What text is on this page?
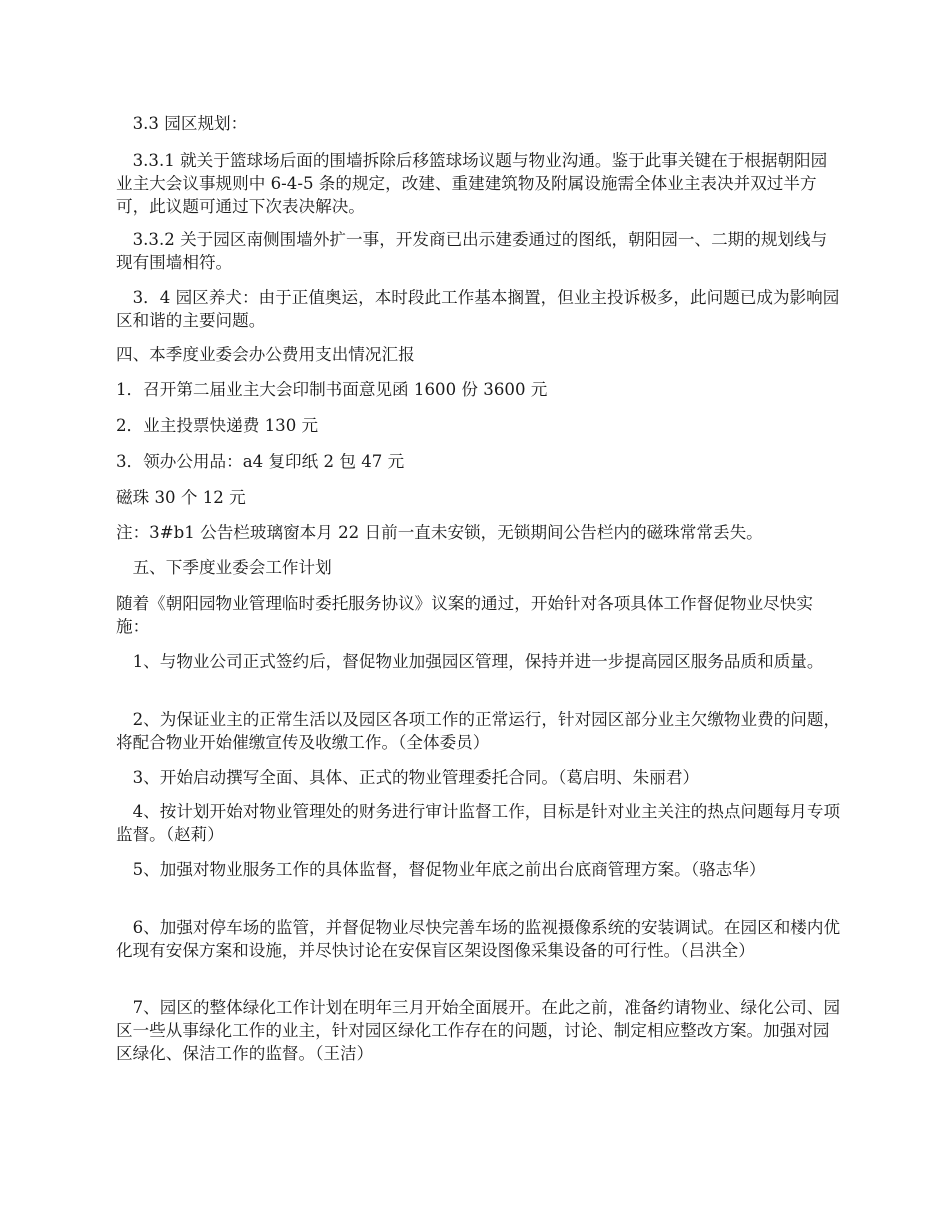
　3.3 园区规划：

　3.3.1 就关于篮球场后面的围墙拆除后移篮球场议题与物业沟通。鉴于此事关键在于根据朝阳园业主大会议事规则中 6-4-5 条的规定，改建、重建建筑物及附属设施需全体业主表决并双过半方可，此议题可通过下次表决解决。

　3.3.2 关于园区南侧围墙外扩一事，开发商已出示建委通过的图纸，朝阳园一、二期的规划线与现有围墙相符。

　3．4 园区养犬：由于正值奥运，本时段此工作基本搁置，但业主投诉极多，此问题已成为影响园区和谐的主要问题。

四、本季度业委会办公费用支出情况汇报

1．召开第二届业主大会印制书面意见函 1600 份 3600 元

2．业主投票快递费 130 元

3．领办公用品：a4 复印纸 2 包 47 元

磁珠 30 个 12 元

注：3#b1 公告栏玻璃窗本月 22 日前一直未安锁，无锁期间公告栏内的磁珠常常丢失。

　五、下季度业委会工作计划

随着《朝阳园物业管理临时委托服务协议》议案的通过，开始针对各项具体工作督促物业尽快实施：

　1、与物业公司正式签约后，督促物业加强园区管理，保持并进一步提高园区服务品质和质量。

　2、为保证业主的正常生活以及园区各项工作的正常运行，针对园区部分业主欠缴物业费的问题，将配合物业开始催缴宣传及收缴工作。（全体委员）

　3、开始启动撰写全面、具体、正式的物业管理委托合同。（葛启明、朱丽君）

　4、按计划开始对物业管理处的财务进行审计监督工作，目标是针对业主关注的热点问题每月专项监督。（赵莉）

　5、加强对物业服务工作的具体监督，督促物业年底之前出台底商管理方案。（骆志华）

　6、加强对停车场的监管，并督促物业尽快完善车场的监视摄像系统的安装调试。在园区和楼内优化现有安保方案和设施，并尽快讨论在安保盲区架设图像采集设备的可行性。（吕洪全）

　7、园区的整体绿化工作计划在明年三月开始全面展开。在此之前，准备约请物业、绿化公司、园区一些从事绿化工作的业主，针对园区绿化工作存在的问题，讨论、制定相应整改方案。加强对园区绿化、保洁工作的监督。（王洁）
